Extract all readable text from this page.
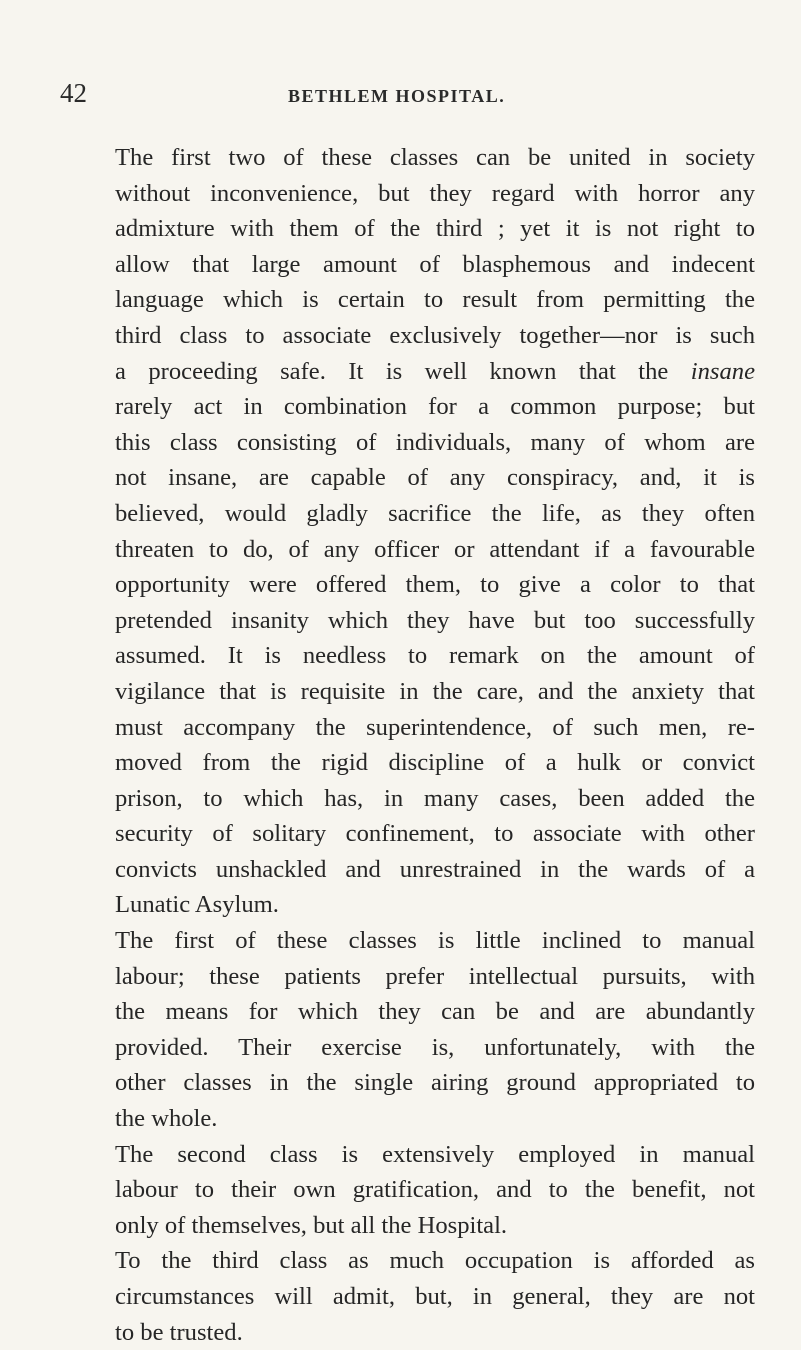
42	BETHLEM HOSPITAL.

The first two of these classes can be united in society
without inconvenience, but they regard with horror any
admixture with them of the third ; yet it is not right to
allow that large amount of blasphemous and indecent
language which is certain to result from permitting the
third class to associate exclusively together—nor is such
a proceeding safe. It is well known that the insane
rarely act in combination for a common purpose; but
this class consisting of individuals, many of whom are
not insane, are capable of any conspiracy, and, it is
believed, would gladly sacrifice the life, as they often
threaten to do, of any officer or attendant if a favourable
opportunity were offered them, to give a color to that
pretended insanity which they have but too successfully
assumed. It is needless to remark on the amount of
vigilance that is requisite in the care, and the anxiety that
must accompany the superintendence, of such men, re-
moved from the rigid discipline of a hulk or convict
prison, to which has, in many cases, been added the
security of solitary confinement, to associate with other
convicts unshackled and unrestrained in the wards of a
Lunatic Asylum.

The first of these classes is little inclined to manual
labour; these patients prefer intellectual pursuits, with
the means for which they can be and are abundantly
provided. Their exercise is, unfortunately, with the
other classes in the single airing ground appropriated to
the whole.

The second class is extensively employed in manual
labour to their own gratification, and to the benefit, not
only of themselves, but all the Hospital.

To the third class as much occupation is afforded as
circumstances will admit, but, in general, they are not
to be trusted.
